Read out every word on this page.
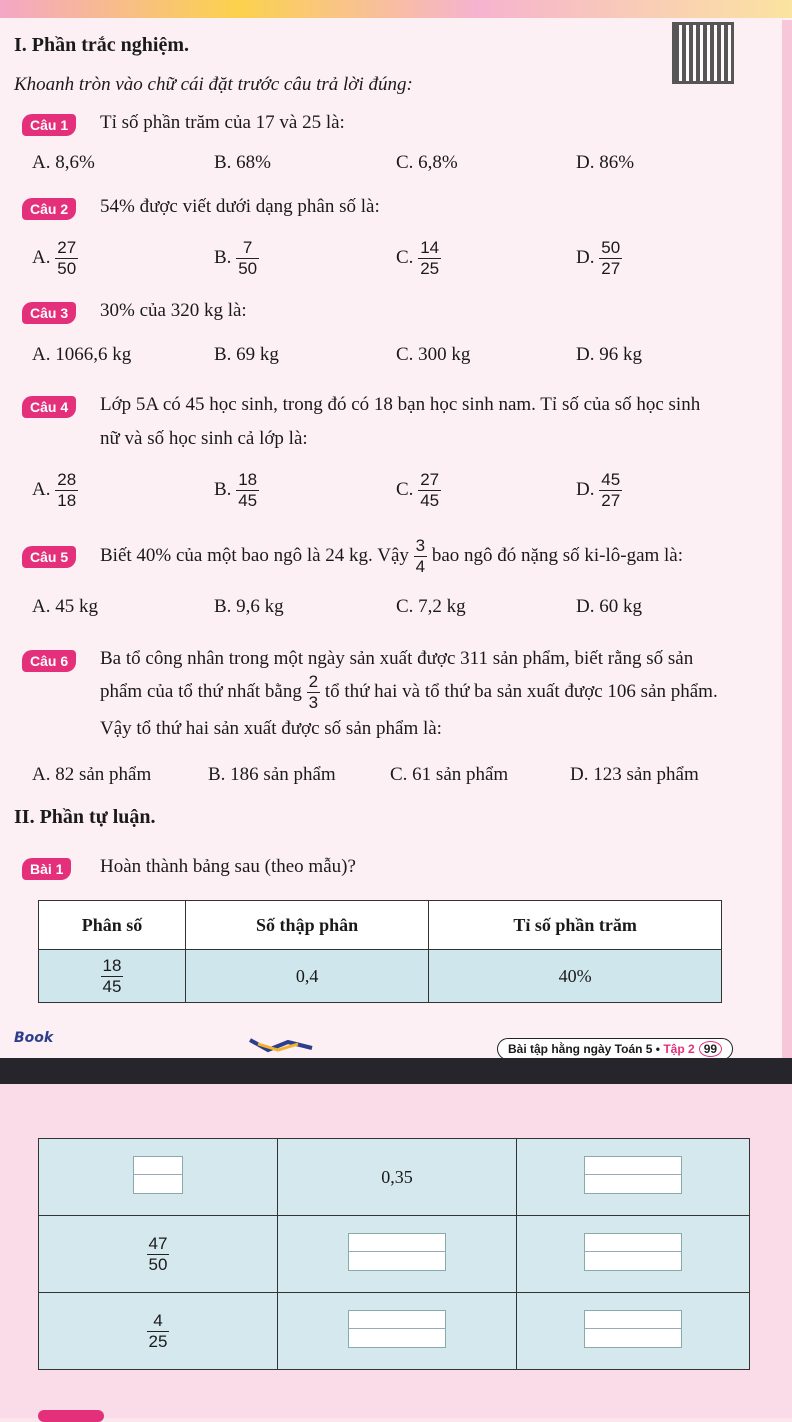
I. Phần trắc nghiệm.
Khoanh tròn vào chữ cái đặt trước câu trả lời đúng:
Câu 1	Tỉ số phần trăm của 17 và 25 là:
A. 8,6%	B. 68%	C. 6,8%	D. 86%
Câu 2	54% được viết dưới dạng phân số là:
A. $\frac{27}{50}$	B. $\frac{7}{50}$	C. $\frac{14}{25}$	D. $\frac{50}{27}$
Câu 3	30% của 320 kg là:
A. 1066,6 kg	B. 69 kg	C. 300 kg	D. 96 kg
Câu 4	Lớp 5A có 45 học sinh, trong đó có 18 bạn học sinh nam. Tỉ số của số học sinh
nữ và số học sinh cả lớp là:
A. $\frac{28}{18}$	B. $\frac{18}{45}$	C. $\frac{27}{45}$	D. $\frac{45}{27}$
Câu 5	Biết 40% của một bao ngô là 24 kg. Vậy $\frac{3}{4}$ bao ngô đó nặng số ki-lô-gam là:
A. 45 kg	B. 9,6 kg	C. 7,2 kg	D. 60 kg
Câu 6	Ba tổ công nhân trong một ngày sản xuất được 311 sản phẩm, biết rằng số sản
phẩm của tổ thứ nhất bằng $\frac{2}{3}$ tổ thứ hai và tổ thứ ba sản xuất được 106 sản phẩm.
Vậy tổ thứ hai sản xuất được số sản phẩm là:
A. 82 sản phẩm	B. 186 sản phẩm	C. 61 sản phẩm	D. 123 sản phẩm
II. Phần tự luận.
Bài 1	Hoàn thành bảng sau (theo mẫu)?
Phân số	Số thập phân	Tỉ số phần trăm

$\frac{18}{45}$	0,4	40%
Book
Bài tập hằng ngày Toán 5 • Tập 2 99
	0,35	

$\frac{47}{50}$

$\frac{4}{25}$
